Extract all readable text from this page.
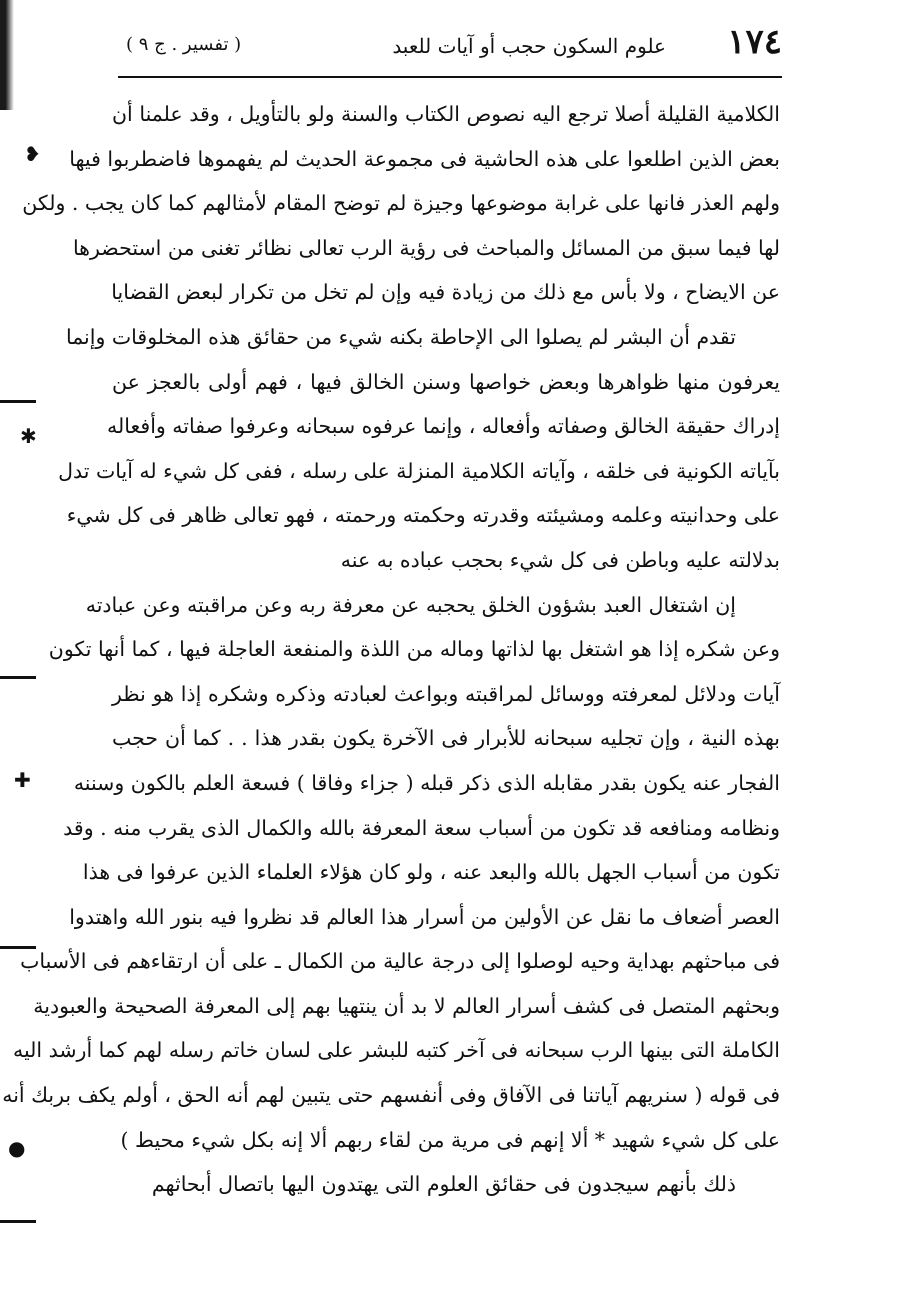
١٧٤
علوم السكون حجب أو آيات للعبد
( تفسير . ج ٩ )
الكلامية القليلة أصلا ترجع اليه نصوص الكتاب والسنة ولو بالتأويل ، وقد علمنا أن
بعض الذين اطلعوا على هذه الحاشية فى مجموعة الحديث لم يفهموها فاضطربوا فيها
ولهم العذر فانها على غرابة موضوعها وجيزة لم توضح المقام لأمثالهم كما كان يجب . ولكن
لها فيما سبق من المسائل والمباحث فى رؤية الرب تعالى نظائر تغنى من استحضرها
عن الايضاح ، ولا بأس مع ذلك من زيادة فيه وإن لم تخل من تكرار لبعض القضايا
تقدم أن البشر لم يصلوا الى الإحاطة بكنه شيء من حقائق هذه المخلوقات وإنما
يعرفون منها ظواهرها وبعض خواصها وسنن الخالق فيها ، فهم أولى بالعجز عن
إدراك حقيقة الخالق وصفاته وأفعاله ، وإنما عرفوه سبحانه وعرفوا صفاته وأفعاله
بآياته الكونية فى خلقه ، وآياته الكلامية المنزلة على رسله ، ففى كل شيء له آيات تدل
على وحدانيته وعلمه ومشيئته وقدرته وحكمته ورحمته ، فهو تعالى ظاهر فى كل شيء
بدلالته عليه وباطن فى كل شيء بحجب عباده به عنه
إن اشتغال العبد بشؤون الخلق يحجبه عن معرفة ربه وعن مراقبته وعن عبادته
وعن شكره إذا هو اشتغل بها لذاتها وماله من اللذة والمنفعة العاجلة فيها ، كما أنها تكون
آيات ودلائل لمعرفته ووسائل لمراقبته وبواعث لعبادته وذكره وشكره إذا هو نظر
بهذه النية ، وإن تجليه سبحانه للأبرار فى الآخرة يكون بقدر هذا . . كما أن حجب
الفجار عنه يكون بقدر مقابله الذى ذكر قبله ( جزاء وفاقا ) فسعة العلم بالكون وسننه
ونظامه ومنافعه قد تكون من أسباب سعة المعرفة بالله والكمال الذى يقرب منه . وقد
تكون من أسباب الجهل بالله والبعد عنه ، ولو كان هؤلاء العلماء الذين عرفوا فى هذا
العصر أضعاف ما نقل عن الأولين من أسرار هذا العالم قد نظروا فيه بنور الله واهتدوا
فى مباحثهم بهداية وحيه لوصلوا إلى درجة عالية من الكمال ـ على أن ارتقاءهم فى الأسباب
وبحثهم المتصل فى كشف أسرار العالم لا بد أن ينتهيا بهم إلى المعرفة الصحيحة والعبودية
الكاملة التى بينها الرب سبحانه فى آخر كتبه للبشر على لسان خاتم رسله لهم كما أرشد اليه
فى قوله ( سنريهم آياتنا فى الآفاق وفى أنفسهم حتى يتبين لهم أنه الحق ، أولم يكف بربك أنه
على كل شيء شهيد * ألا إنهم فى مرية من لقاء ربهم ألا إنه بكل شيء محيط )
ذلك بأنهم سيجدون فى حقائق العلوم التى يهتدون اليها باتصال أبحاثهم
❥
✱
✚
●
